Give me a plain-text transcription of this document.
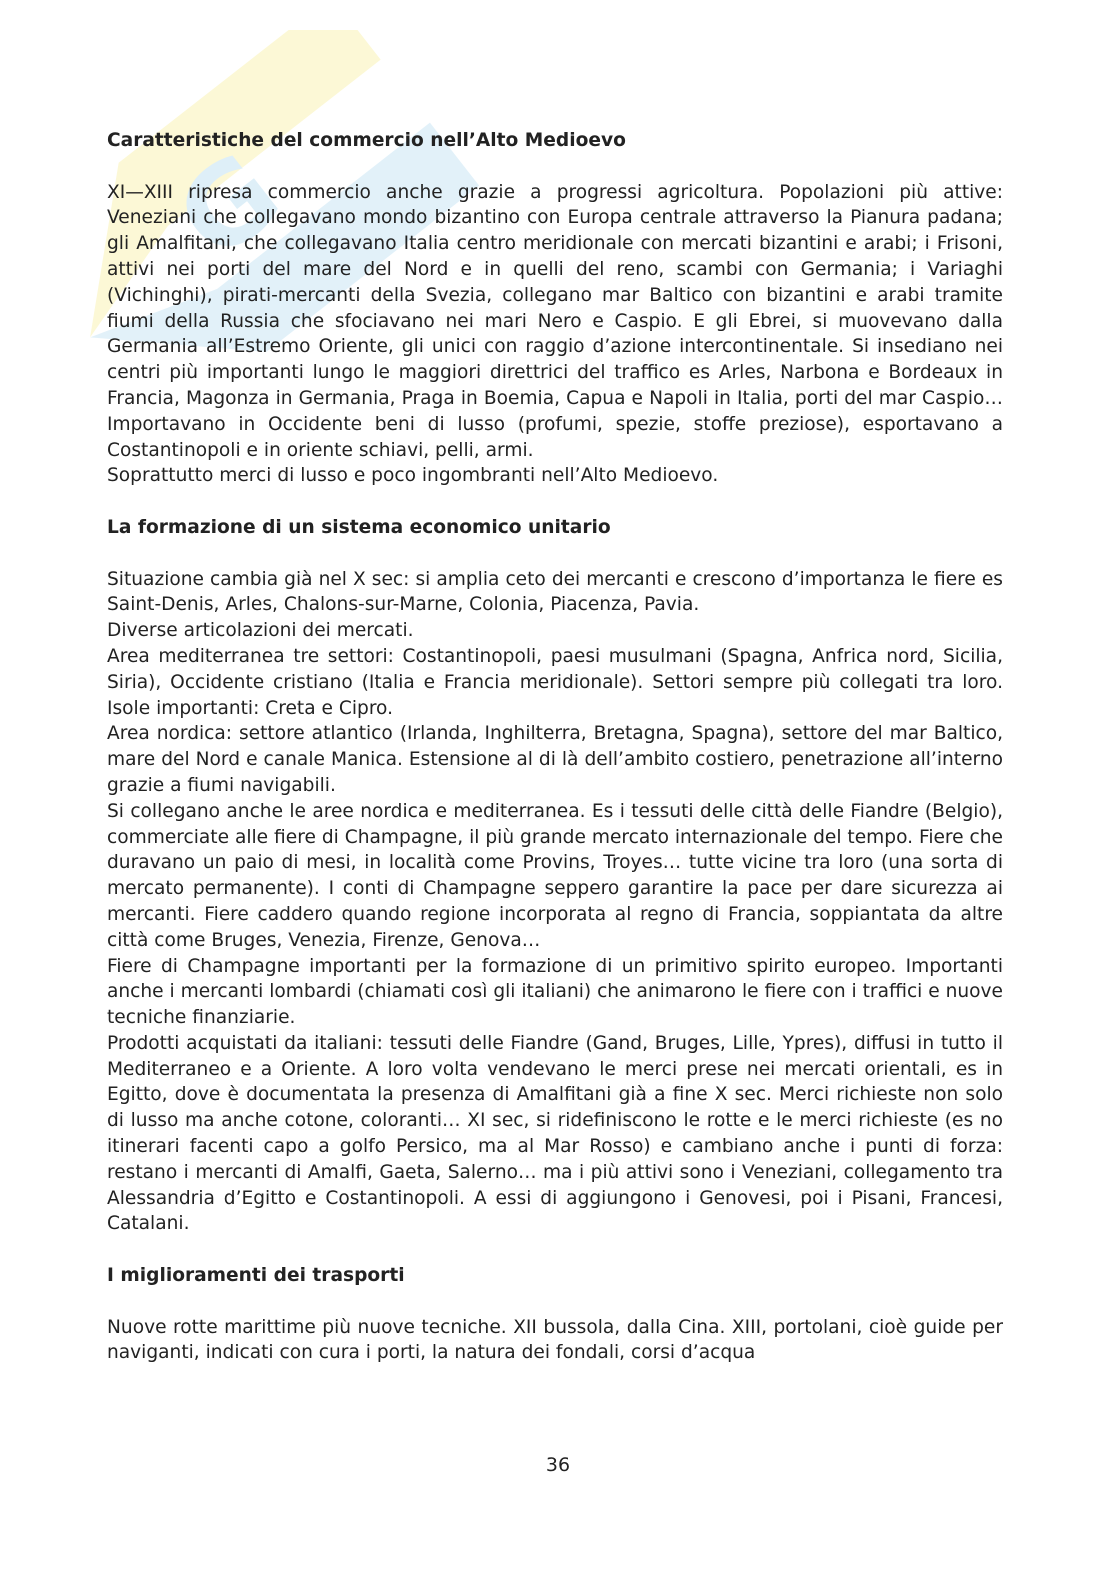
G
Caratteristiche del commercio nell’Alto Medioevo

XI—XIII ripresa commercio anche grazie a progressi agricoltura. Popolazioni più attive: Veneziani che collegavano mondo bizantino con Europa centrale attraverso la Pianura padana; gli Amalfitani, che collegavano Italia centro meridionale con mercati bizantini e arabi; i Frisoni, attivi nei porti del mare del Nord e in quelli del reno, scambi con Germania; i Variaghi (Vichinghi), pirati-mercanti della Svezia, collegano mar Baltico con bizantini e arabi tramite fiumi della Russia che sfociavano nei mari Nero e Caspio. E gli Ebrei, si muovevano dalla Germania all’Estremo Oriente, gli unici con raggio d’azione intercontinentale. Si insediano nei centri più importanti lungo le maggiori direttrici del traffico es Arles, Narbona e Bordeaux in Francia, Magonza in Germania, Praga in Boemia, Capua e Napoli in Italia, porti del mar Caspio… Importavano in Occidente beni di lusso (profumi, spezie, stoffe preziose), esportavano a Costantinopoli e in oriente schiavi, pelli, armi.

Soprattutto merci di lusso e poco ingombranti nell’Alto Medioevo.

La formazione di un sistema economico unitario

Situazione cambia già nel X sec: si amplia ceto dei mercanti e crescono d’importanza le fiere es Saint-Denis, Arles, Chalons-sur-Marne, Colonia, Piacenza, Pavia.

Diverse articolazioni dei mercati.

Area mediterranea tre settori: Costantinopoli, paesi musulmani (Spagna, Anfrica nord, Sicilia, Siria), Occidente cristiano (Italia e Francia meridionale). Settori sempre più collegati tra loro. Isole importanti: Creta e Cipro.

Area nordica: settore atlantico (Irlanda, Inghilterra, Bretagna, Spagna), settore del mar Baltico, mare del Nord e canale Manica. Estensione al di là dell’ambito costiero, penetrazione all’interno grazie a fiumi navigabili.

Si collegano anche le aree nordica e mediterranea. Es i tessuti delle città delle Fiandre (Belgio), commerciate alle fiere di Champagne, il più grande mercato internazionale del tempo. Fiere che duravano un paio di mesi, in località come Provins, Troyes… tutte vicine tra loro (una sorta di mercato permanente). I conti di Champagne seppero garantire la pace per dare sicurezza ai mercanti. Fiere caddero quando regione incorporata al regno di Francia, soppiantata da altre città come Bruges, Venezia, Firenze, Genova…

Fiere di Champagne importanti per la formazione di un primitivo spirito europeo. Importanti anche i mercanti lombardi (chiamati così gli italiani) che animarono le fiere con i traffici e nuove tecniche finanziarie.

Prodotti acquistati da italiani: tessuti delle Fiandre (Gand, Bruges, Lille, Ypres), diffusi in tutto il Mediterraneo e a Oriente. A loro volta vendevano le merci prese nei mercati orientali, es in Egitto, dove è documentata la presenza di Amalfitani già a fine X sec. Merci richieste non solo di lusso ma anche cotone, coloranti… XI sec, si ridefiniscono le rotte e le merci richieste (es no itinerari facenti capo a golfo Persico, ma al Mar Rosso) e cambiano anche i punti di forza: restano i mercanti di Amalfi, Gaeta, Salerno… ma i più attivi sono i Veneziani, collegamento tra Alessandria d’Egitto e Costantinopoli. A essi di aggiungono i Genovesi, poi i Pisani, Francesi, Catalani.

I miglioramenti dei trasporti

Nuove rotte marittime più nuove tecniche. XII bussola, dalla Cina. XIII, portolani, cioè guide per naviganti, indicati con cura i porti, la natura dei fondali, corsi d’acqua

36
